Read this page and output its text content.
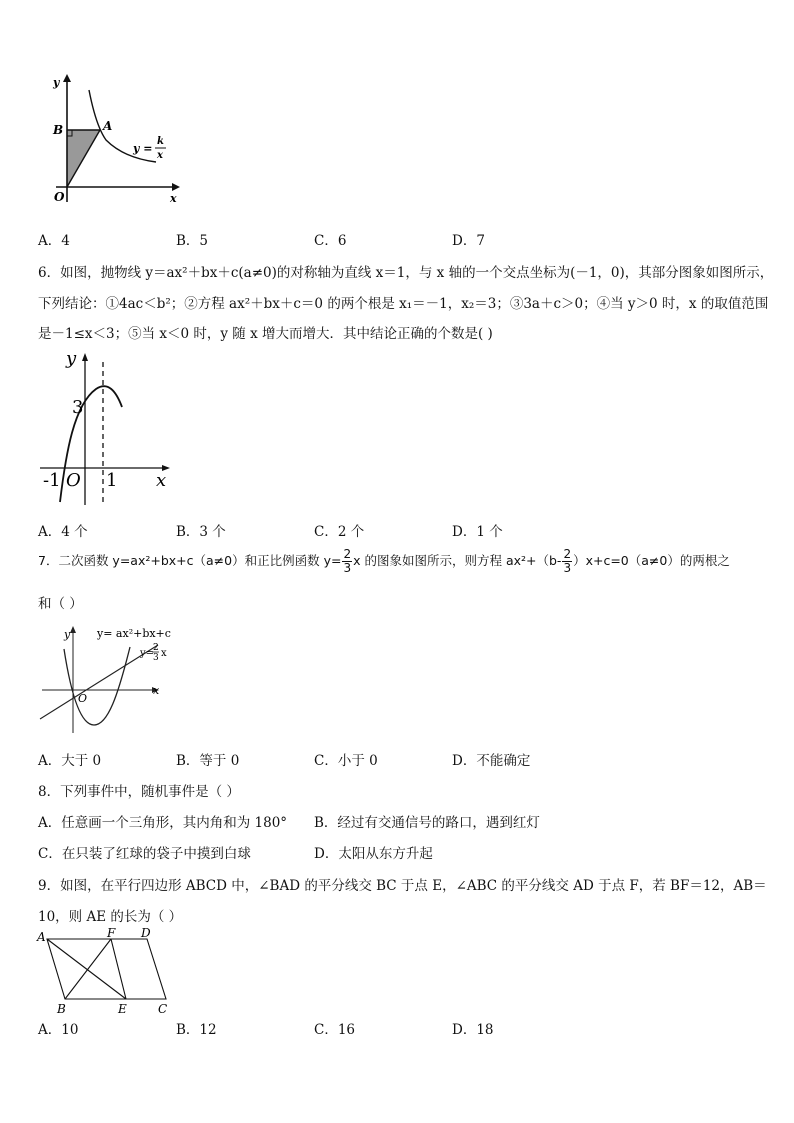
y
x
O
B	A
y =
k
x
A．4	B．5	C．6	D．7
6．如图，抛物线 y＝ax²＋bx＋c(a≠0)的对称轴为直线 x＝1，与 x 轴的一个交点坐标为(－1，0)，其部分图象如图所示，
下列结论：①4ac＜b²；②方程 ax²＋bx＋c＝0 的两个根是 x₁＝－1，x₂＝3；③3a＋c＞0；④当 y＞0 时，x 的取值范围
是－1≤x＜3；⑤当 x＜0 时，y 随 x 增大而增大．其中结论正确的个数是( )
y
x
3
-1 O 1
A．4 个	B．3 个	C．2 个	D．1 个
7．二次函数 y=ax²+bx+c（a≠0）和正比例函数 $y= \frac{2}{3}$ x 的图象如图所示，则方程 $ax^2+(b- \frac{2}{3} )x+c=0(a\ne 0)$的两根之
和（ ）
y
x
O
y= ax²+bx+c
y=
2
3 x
A．大于 0	B．等于 0	C．小于 0	D．不能确定
8．下列事件中，随机事件是（ ）
A．任意画一个三角形，其内角和为 180° B．经过有交通信号的路口，遇到红灯
C．在只装了红球的袋子中摸到白球	D．太阳从东方升起
9．如图，在平行四边形 ABCD 中，∠BAD 的平分线交 BC 于点 E，∠ABC 的平分线交 AD 于点 F，若 BF＝12，AB＝
10，则 AE 的长为（ ）
A	F D
B	E	C
A．10	B．12	C．16	D．18
